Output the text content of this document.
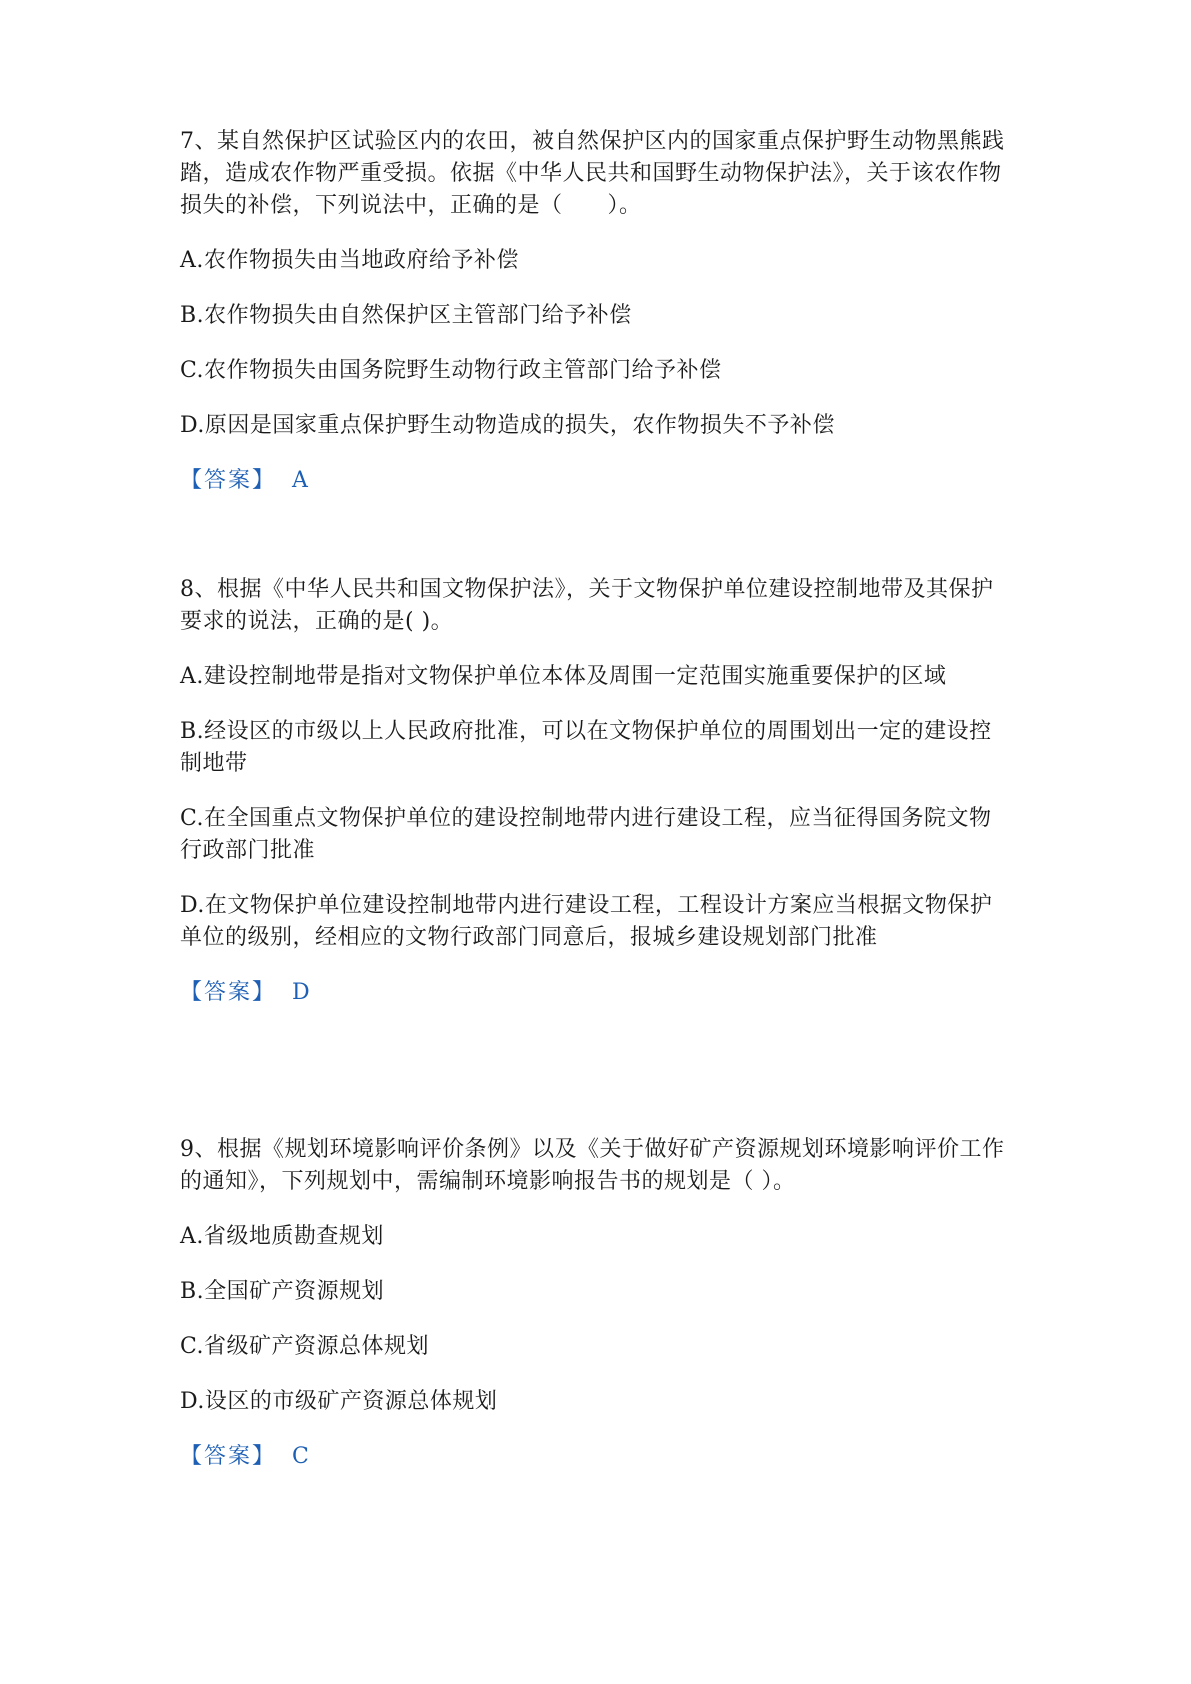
7、某自然保护区试验区内的农田，被自然保护区内的国家重点保护野生动物黑熊践踏，造成农作物严重受损。依据《中华人民共和国野生动物保护法》，关于该农作物损失的补偿，下列说法中，正确的是（　　）。

A.农作物损失由当地政府给予补偿

B.农作物损失由自然保护区主管部门给予补偿

C.农作物损失由国务院野生动物行政主管部门给予补偿

D.原因是国家重点保护野生动物造成的损失，农作物损失不予补偿

【答案】 A

8、根据《中华人民共和国文物保护法》，关于文物保护单位建设控制地带及其保护要求的说法，正确的是( )。

A.建设控制地带是指对文物保护单位本体及周围一定范围实施重要保护的区域

B.经设区的市级以上人民政府批准，可以在文物保护单位的周围划出一定的建设控制地带

C.在全国重点文物保护单位的建设控制地带内进行建设工程，应当征得国务院文物行政部门批准

D.在文物保护单位建设控制地带内进行建设工程，工程设计方案应当根据文物保护单位的级别，经相应的文物行政部门同意后，报城乡建设规划部门批准

【答案】 D

9、根据《规划环境影响评价条例》以及《关于做好矿产资源规划环境影响评价工作的通知》，下列规划中，需编制环境影响报告书的规划是（ ）。

A.省级地质勘查规划

B.全国矿产资源规划

C.省级矿产资源总体规划

D.设区的市级矿产资源总体规划

【答案】 C
